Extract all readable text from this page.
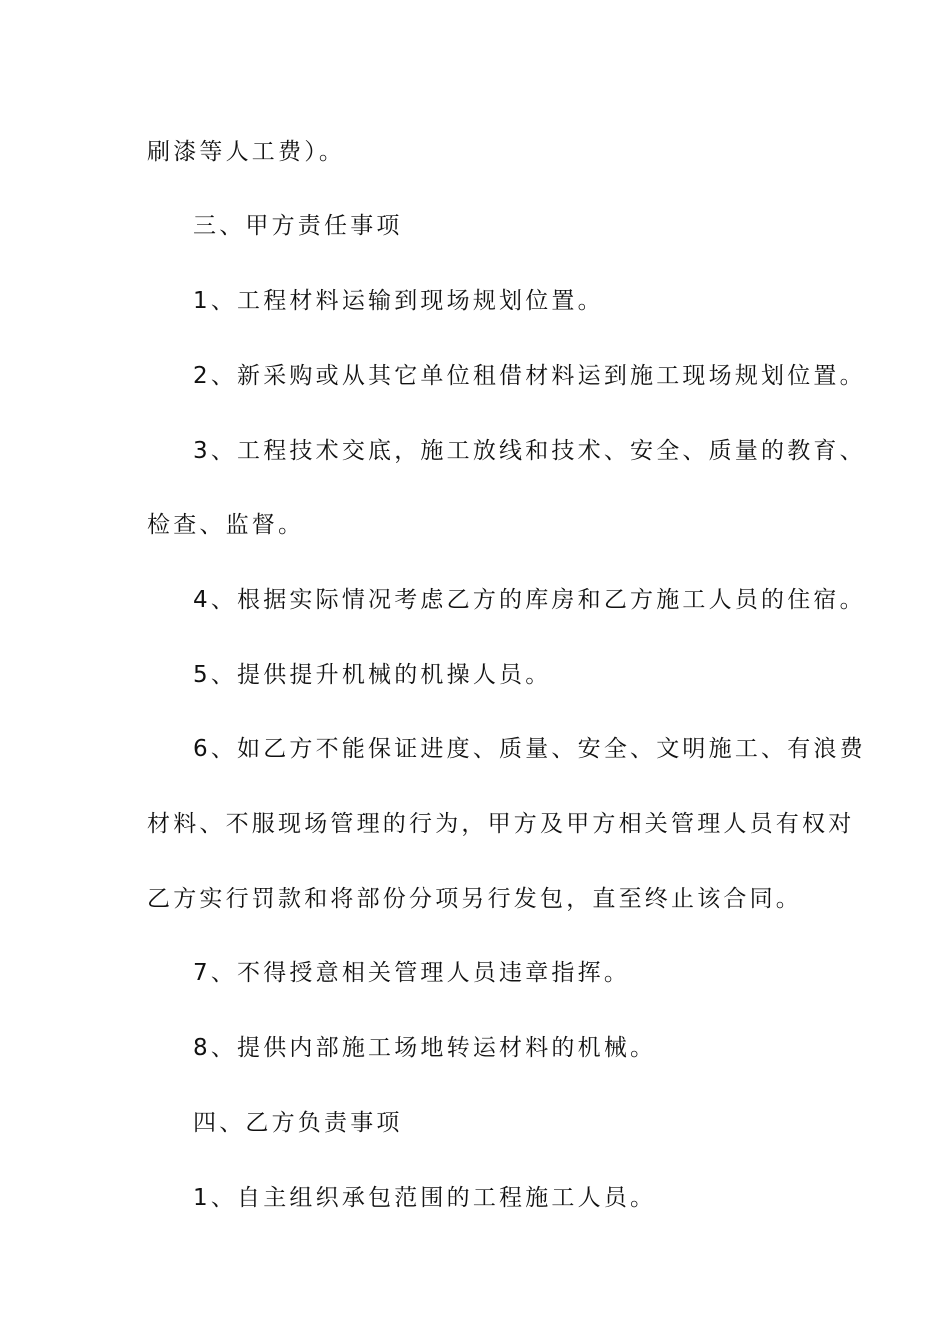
刷漆等人工费）。
三、甲方责任事项
1、工程材料运输到现场规划位置。
2、新采购或从其它单位租借材料运到施工现场规划位置。
3、工程技术交底，施工放线和技术、安全、质量的教育、
检查、监督。
4、根据实际情况考虑乙方的库房和乙方施工人员的住宿。
5、提供提升机械的机操人员。
6、如乙方不能保证进度、质量、安全、文明施工、有浪费
材料、不服现场管理的行为，甲方及甲方相关管理人员有权对
乙方实行罚款和将部份分项另行发包，直至终止该合同。
7、不得授意相关管理人员违章指挥。
8、提供内部施工场地转运材料的机械。
四、乙方负责事项
1、自主组织承包范围的工程施工人员。
